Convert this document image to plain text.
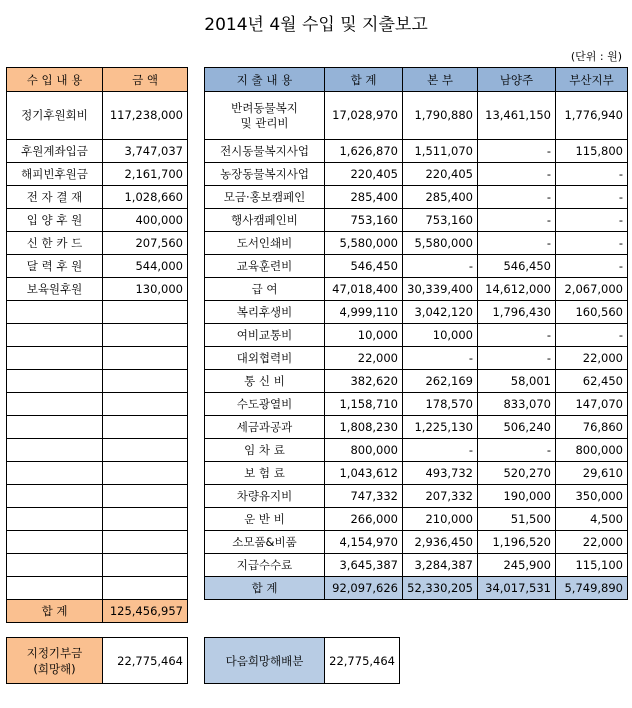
2014년 4월 수입 및 지출보고
(단위 : 원)
수 입 내 용	금 액
정기후원회비	117,238,000
후원계좌입금	3,747,037
해피빈후원금	2,161,700
전 자 결 재	1,028,660
입 양 후 원	400,000
신 한 카 드	207,560
달 력 후 원	544,000
보육원후원	130,000

합 계	125,456,957
지 출 내 용	합 계	본 부	남양주	부산지부
반려동물복지
및 관리비	17,028,970	1,790,880	13,461,150	1,776,940
전시동물복지사업	1,626,870	1,511,070	-	115,800
농장동물복지사업	220,405	220,405	-	-
모금·홍보캠페인	285,400	285,400	-	-
행사캠페인비	753,160	753,160	-	-
도서인쇄비	5,580,000	5,580,000	-	-
교육훈련비	546,450	-	546,450	-
급 여	47,018,400	30,339,400	14,612,000	2,067,000
복리후생비	4,999,110	3,042,120	1,796,430	160,560
여비교통비	10,000	10,000	-	-
대외협력비	22,000	-	-	22,000
통 신 비	382,620	262,169	58,001	62,450
수도광열비	1,158,710	178,570	833,070	147,070
세금과공과	1,808,230	1,225,130	506,240	76,860
임 차 료	800,000	-	-	800,000
보 험 료	1,043,612	493,732	520,270	29,610
차량유지비	747,332	207,332	190,000	350,000
운 반 비	266,000	210,000	51,500	4,500
소모품&비품	4,154,970	2,936,450	1,196,520	22,000
지급수수료	3,645,387	3,284,387	245,900	115,100
합 계	92,097,626	52,330,205	34,017,531	5,749,890
지정기부금
(희망해)	22,775,464	다음희망해배분	22,775,464
